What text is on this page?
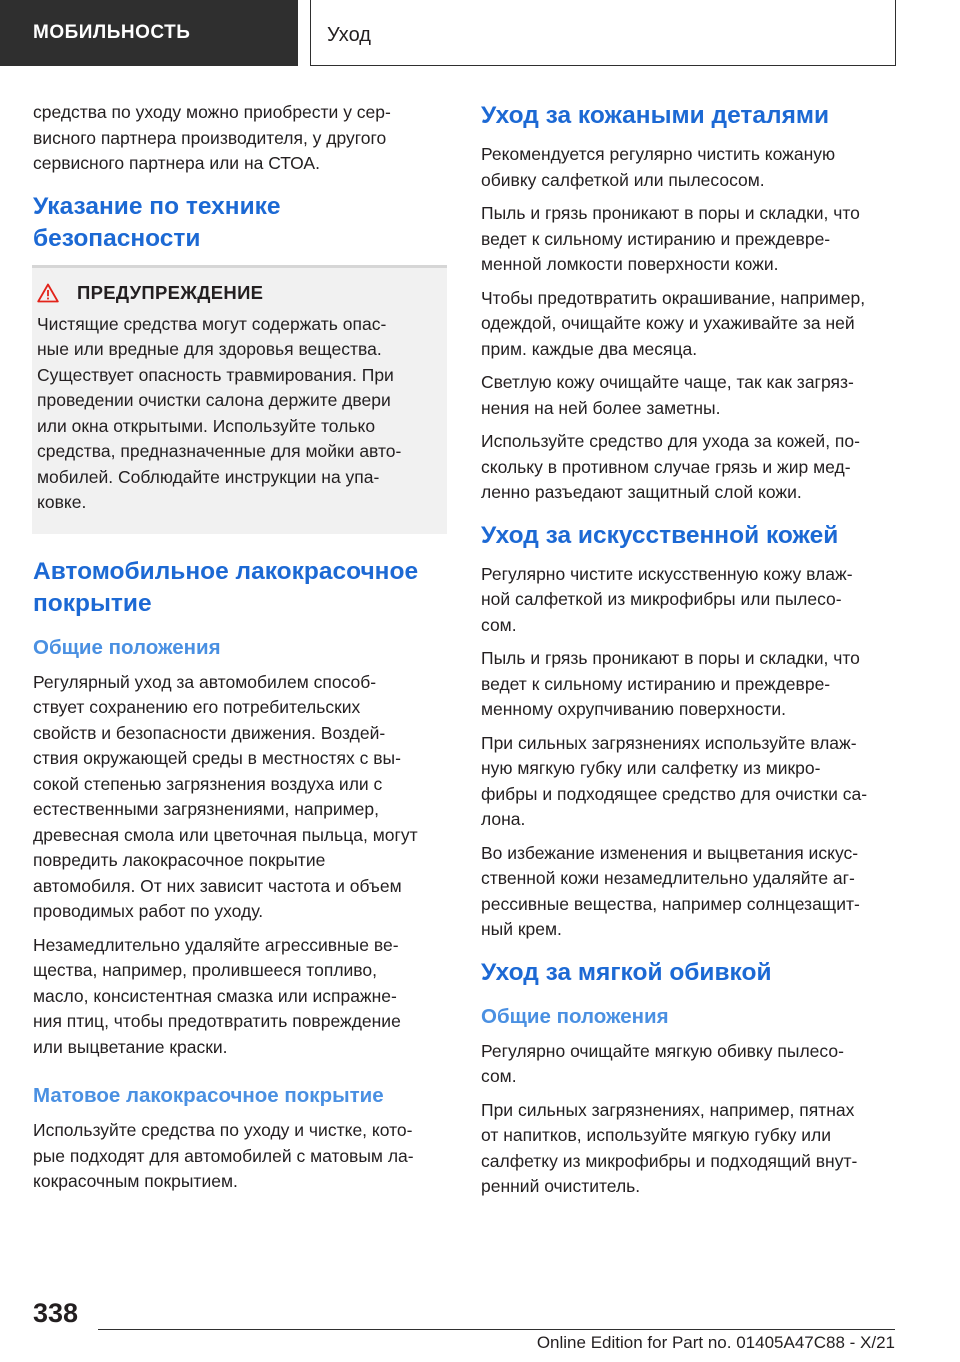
МОБИЛЬНОСТЬ	Уход

средства по уходу можно приобрести у сер‐
висного партнера производителя, у другого
сервисного партнера или на СТОА.

Указание по технике безопасности
ПРЕДУПРЕЖДЕНИЕ

Чистящие средства могут содержать опас‐
ные или вредные для здоровья вещества.
Существует опасность травмирования. При
проведении очистки салона держите двери
или окна открытыми. Используйте только
средства, предназначенные для мойки авто‐
мобилей. Соблюдайте инструкции на упа‐
ковке.

Автомобильное лакокрасочное
покрытие
Общие положения

Регулярный уход за автомобилем способ‐
ствует сохранению его потребительских
свойств и безопасности движения. Воздей‐
ствия окружающей среды в местностях с вы‐
сокой степенью загрязнения воздуха или с
естественными загрязнениями, например,
древесная смола или цветочная пыльца, могут
повредить лакокрасочное покрытие
автомобиля. От них зависит частота и объем
проводимых работ по уходу.

Незамедлительно удаляйте агрессивные ве‐
щества, например, пролившееся топливо,
масло, консистентная смазка или испражне‐
ния птиц, чтобы предотвратить повреждение
или выцветание краски.

Матовое лакокрасочное покрытие

Используйте средства по уходу и чистке, кото‐
рые подходят для автомобилей с матовым ла‐
кокрасочным покрытием.

Уход за кожаными деталями

Рекомендуется регулярно чистить кожаную
обивку салфеткой или пылесосом.

Пыль и грязь проникают в поры и складки, что
ведет к сильному истиранию и преждевре‐
менной ломкости поверхности кожи.

Чтобы предотвратить окрашивание, например,
одеждой, очищайте кожу и ухаживайте за ней
прим. каждые два месяца.

Светлую кожу очищайте чаще, так как загряз‐
нения на ней более заметны.

Используйте средство для ухода за кожей, по‐
скольку в противном случае грязь и жир мед‐
ленно разъедают защитный слой кожи.

Уход за искусственной кожей

Регулярно чистите искусственную кожу влаж‐
ной салфеткой из микрофибры или пылесо‐
сом.

Пыль и грязь проникают в поры и складки, что
ведет к сильному истиранию и преждевре‐
менному охрупчиванию поверхности.

При сильных загрязнениях используйте влаж‐
ную мягкую губку или салфетку из микро‐
фибры и подходящее средство для очистки са‐
лона.

Во избежание изменения и выцветания искус‐
ственной кожи незамедлительно удаляйте аг‐
рессивные вещества, например солнцезащит‐
ный крем.

Уход за мягкой обивкой
Общие положения

Регулярно очищайте мягкую обивку пылесо‐
сом.

При сильных загрязнениях, например, пятнах
от напитков, используйте мягкую губку или
салфетку из микрофибры и подходящий внут‐
ренний очиститель.

338
Online Edition for Part no. 01405A47C88 - X/21
